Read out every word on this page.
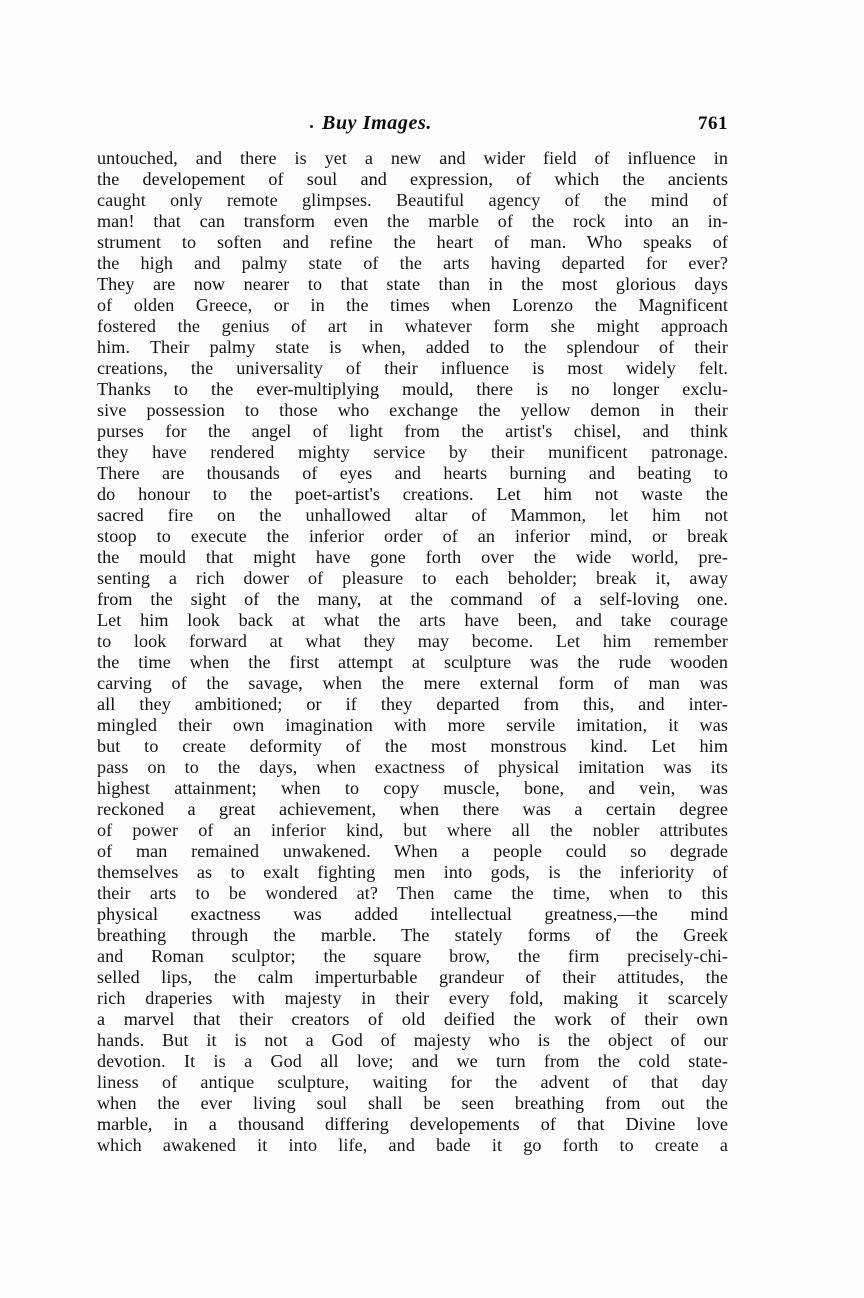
Buy Images.	761
untouched, and there is yet a new and wider field of influence in
the developement of soul and expression, of which the ancients
caught only remote glimpses. Beautiful agency of the mind of
man! that can transform even the marble of the rock into an in-
strument to soften and refine the heart of man. Who speaks of
the high and palmy state of the arts having departed for ever?
They are now nearer to that state than in the most glorious days
of olden Greece, or in the times when Lorenzo the Magnificent
fostered the genius of art in whatever form she might approach
him. Their palmy state is when, added to the splendour of their
creations, the universality of their influence is most widely felt.
Thanks to the ever-multiplying mould, there is no longer exclu-
sive possession to those who exchange the yellow demon in their
purses for the angel of light from the artist's chisel, and think
they have rendered mighty service by their munificent patronage.
There are thousands of eyes and hearts burning and beating to
do honour to the poet-artist's creations. Let him not waste the
sacred fire on the unhallowed altar of Mammon, let him not
stoop to execute the inferior order of an inferior mind, or break
the mould that might have gone forth over the wide world, pre-
senting a rich dower of pleasure to each beholder; break it, away
from the sight of the many, at the command of a self-loving one.
Let him look back at what the arts have been, and take courage
to look forward at what they may become. Let him remember
the time when the first attempt at sculpture was the rude wooden
carving of the savage, when the mere external form of man was
all they ambitioned; or if they departed from this, and inter-
mingled their own imagination with more servile imitation, it was
but to create deformity of the most monstrous kind. Let him
pass on to the days, when exactness of physical imitation was its
highest attainment; when to copy muscle, bone, and vein, was
reckoned a great achievement, when there was a certain degree
of power of an inferior kind, but where all the nobler attributes
of man remained unwakened. When a people could so degrade
themselves as to exalt fighting men into gods, is the inferiority of
their arts to be wondered at? Then came the time, when to this
physical exactness was added intellectual greatness,—the mind
breathing through the marble. The stately forms of the Greek
and Roman sculptor; the square brow, the firm precisely-chi-
selled lips, the calm imperturbable grandeur of their attitudes, the
rich draperies with majesty in their every fold, making it scarcely
a marvel that their creators of old deified the work of their own
hands. But it is not a God of majesty who is the object of our
devotion. It is a God all love; and we turn from the cold state-
liness of antique sculpture, waiting for the advent of that day
when the ever living soul shall be seen breathing from out the
marble, in a thousand differing developements of that Divine love
which awakened it into life, and bade it go forth to create a
